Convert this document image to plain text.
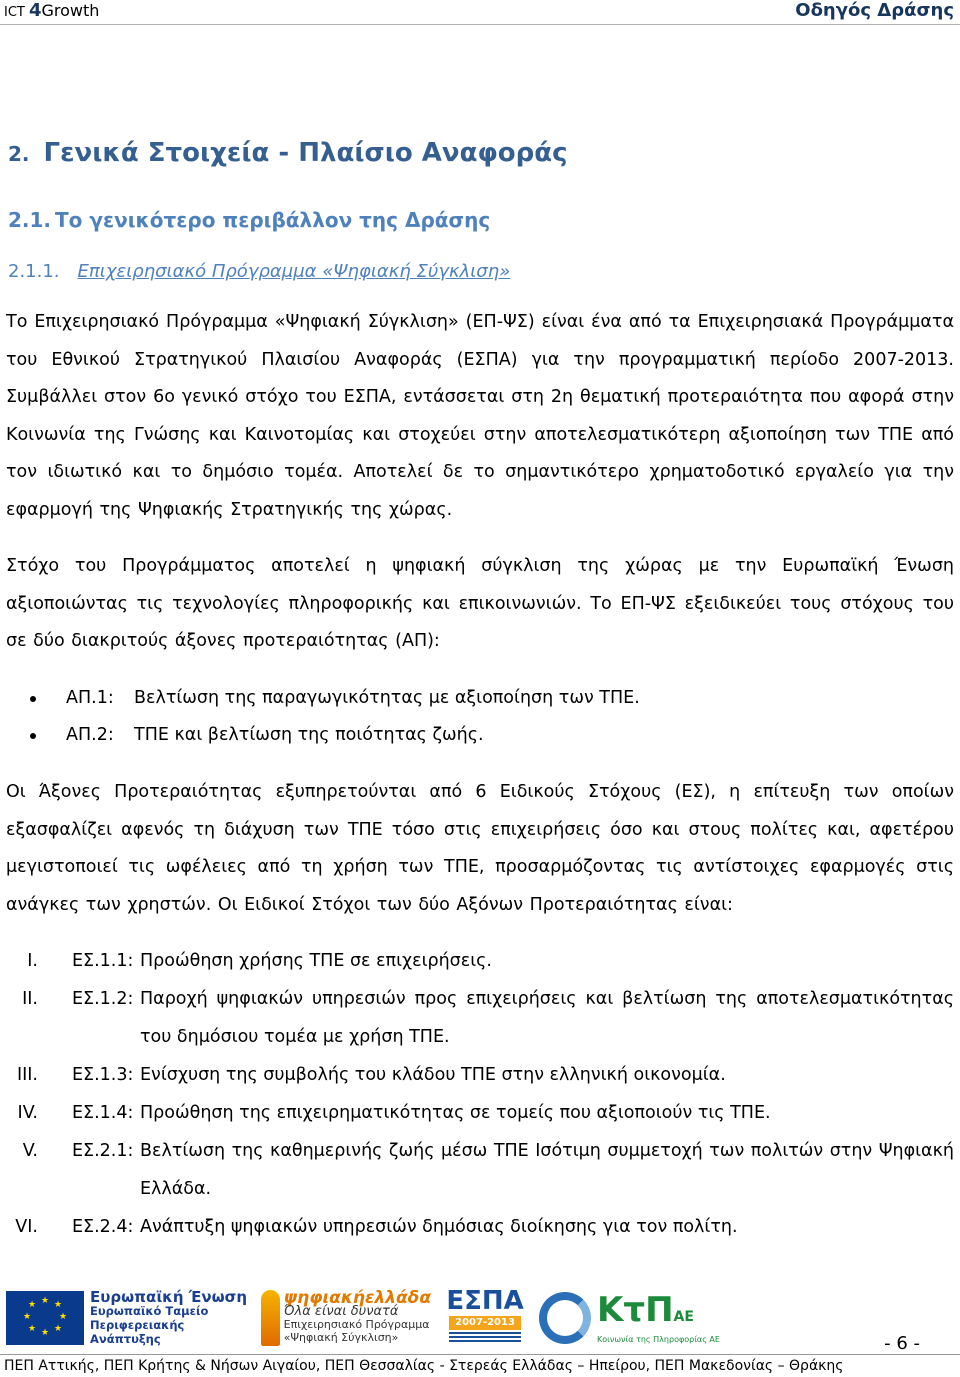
ICT 4Growth	Οδηγός Δράσης
2. Γενικά Στοιχεία - Πλαίσιο Αναφοράς
2.1. Το γενικότερο περιβάλλον της Δράσης
2.1.1. Επιχειρησιακό Πρόγραμμα «Ψηφιακή Σύγκλιση»
Το Επιχειρησιακό Πρόγραμμα «Ψηφιακή Σύγκλιση» (ΕΠ-ΨΣ) είναι ένα από τα Επιχειρησιακά Προγράμματα του Εθνικού Στρατηγικού Πλαισίου Αναφοράς (ΕΣΠΑ) για την προγραμματική περίοδο 2007-2013. Συμβάλλει στον 6ο γενικό στόχο του ΕΣΠΑ, εντάσσεται στη 2η θεματική προτεραιότητα που αφορά στην Κοινωνία της Γνώσης και Καινοτομίας και στοχεύει στην αποτελεσματικότερη αξιοποίηση των ΤΠΕ από τον ιδιωτικό και το δημόσιο τομέα. Αποτελεί δε το σημαντικότερο χρηματοδοτικό εργαλείο για την εφαρμογή της Ψηφιακής Στρατηγικής της χώρας.
Στόχο του Προγράμματος αποτελεί η ψηφιακή σύγκλιση της χώρας με την Ευρωπαϊκή Ένωση αξιοποιώντας τις τεχνολογίες πληροφορικής και επικοινωνιών. Το ΕΠ-ΨΣ εξειδικεύει τους στόχους του σε δύο διακριτούς άξονες προτεραιότητας (ΑΠ):
ΑΠ.1:	Βελτίωση της παραγωγικότητας με αξιοποίηση των ΤΠΕ.
ΑΠ.2:	ΤΠΕ και βελτίωση της ποιότητας ζωής.
Οι Άξονες Προτεραιότητας εξυπηρετούνται από 6 Ειδικούς Στόχους (ΕΣ), η επίτευξη των οποίων εξασφαλίζει αφενός τη διάχυση των ΤΠΕ τόσο στις επιχειρήσεις όσο και στους πολίτες και, αφετέρου μεγιστοποιεί τις ωφέλειες από τη χρήση των ΤΠΕ, προσαρμόζοντας τις αντίστοιχες εφαρμογές στις ανάγκες των χρηστών. Οι Ειδικοί Στόχοι των δύο Αξόνων Προτεραιότητας είναι:
I. ΕΣ.1.1: Προώθηση χρήσης ΤΠΕ σε επιχειρήσεις.
II. ΕΣ.1.2: Παροχή ψηφιακών υπηρεσιών προς επιχειρήσεις και βελτίωση της αποτελεσματικότητας του δημόσιου τομέα με χρήση ΤΠΕ.
III. ΕΣ.1.3: Ενίσχυση της συμβολής του κλάδου ΤΠΕ στην ελληνική οικονομία.
IV. ΕΣ.1.4: Προώθηση της επιχειρηματικότητας σε τομείς που αξιοποιούν τις ΤΠΕ.
V. ΕΣ.2.1: Βελτίωση της καθημερινής ζωής μέσω ΤΠΕ Ισότιμη συμμετοχή των πολιτών στην Ψηφιακή Ελλάδα.
VI. ΕΣ.2.4: Ανάπτυξη ψηφιακών υπηρεσιών δημόσιας διοίκησης για τον πολίτη.
★ ★
★
★
★
★
★
★	Ευρωπαϊκή Ένωση
Ευρωπαϊκό Ταμείο
Περιφερειακής
Ανάπτυξης
ψηφιακήελλάδα
Όλα είναι δυνατά
Επιχειρησιακό Πρόγραμμα
«Ψηφιακή Σύγκλιση»
ΕΣΠΑ
2007-2013 ΚτΠΑΕ
Κοινωνία της Πληροφορίας ΑΕ	- 6 -
ΠΕΠ Αττικής, ΠΕΠ Κρήτης & Νήσων Αιγαίου, ΠΕΠ Θεσσαλίας - Στερεάς Ελλάδας – Ηπείρου, ΠΕΠ Μακεδονίας – Θράκης
